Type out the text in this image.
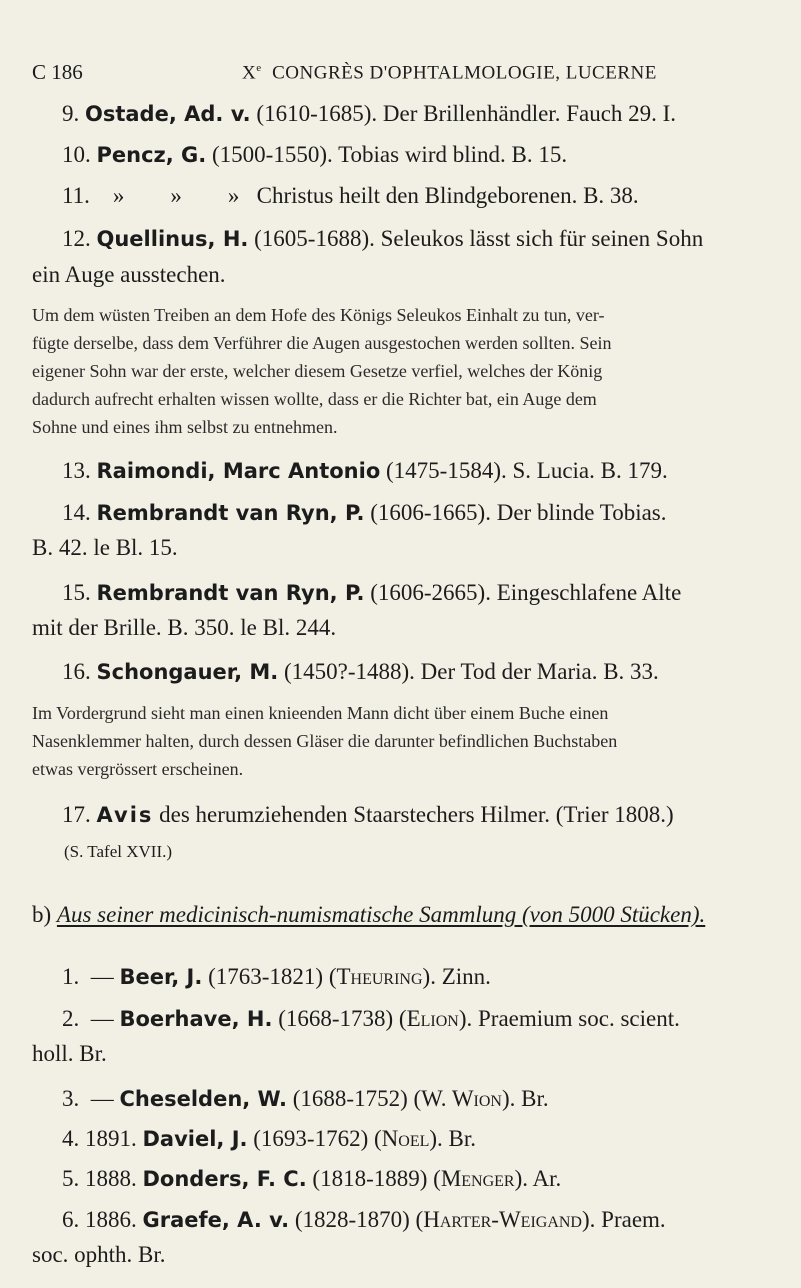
C 186	Xe CONGRÈS D'OPHTALMOLOGIE, LUCERNE
9. Ostade, Ad. v. (1610-1685). Der Brillenhändler. Fauch 29. I.
10. Pencz, G. (1500-1550). Tobias wird blind. B. 15.
11. »        »        »   Christus heilt den Blindgeborenen. B. 38.
12. Quellinus, H. (1605-1688). Seleukos lässt sich für seinen Sohn
ein Auge ausstechen.
Um dem wüsten Treiben an dem Hofe des Königs Seleukos Einhalt zu tun, ver-
fügte derselbe, dass dem Verführer die Augen ausgestochen werden sollten. Sein
eigener Sohn war der erste, welcher diesem Gesetze verfiel, welches der König
dadurch aufrecht erhalten wissen wollte, dass er die Richter bat, ein Auge dem
Sohne und eines ihm selbst zu entnehmen.
13. Raimondi, Marc Antonio (1475-1584). S. Lucia. B. 179.
14. Rembrandt van Ryn, P. (1606-1665). Der blinde Tobias.
B. 42. le Bl. 15.
15. Rembrandt van Ryn, P. (1606-2665). Eingeschlafene Alte
mit der Brille. B. 350. le Bl. 244.
16. Schongauer, M. (1450?-1488). Der Tod der Maria. B. 33.
Im Vordergrund sieht man einen knieenden Mann dicht über einem Buche einen
Nasenklemmer halten, durch dessen Gläser die darunter befindlichen Buchstaben
etwas vergrössert erscheinen.
17. Avis des herumziehenden Staarstechers Hilmer. (Trier 1808.)
(S. Tafel XVII.)
b) Aus seiner medicinisch-numismatische Sammlung (von 5000 Stücken).
1.  — Beer, J. (1763-1821) (Theuring). Zinn.
2.  — Boerhave, H. (1668-1738) (Elion). Praemium soc. scient.
holl. Br.
3.  — Cheselden, W. (1688-1752) (W. Wion). Br.
4. 1891. Daviel, J. (1693-1762) (Noel). Br.
5. 1888. Donders, F. C. (1818-1889) (Menger). Ar.
6. 1886. Graefe, A. v. (1828-1870) (Harter-Weigand). Praem.
soc. ophth. Br.
